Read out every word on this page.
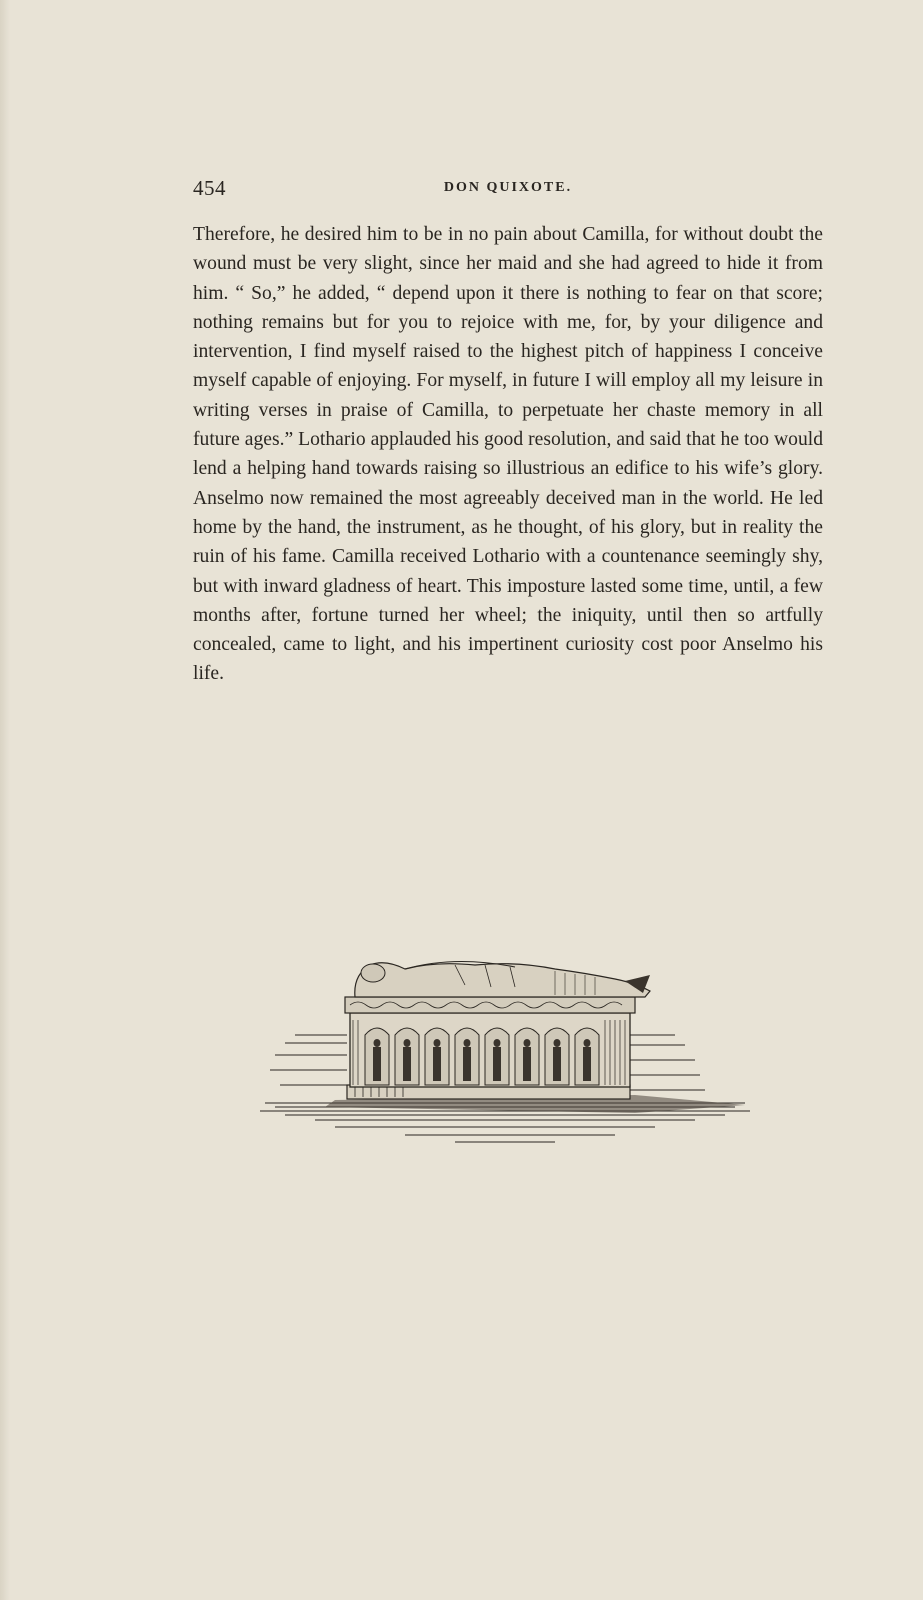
454	DON QUIXOTE.

Therefore, he desired him to be in no pain about Camilla, for without doubt the wound must be very slight, since her maid and she had agreed to hide it from him. “ So,” he added, “ depend upon it there is nothing to fear on that score; nothing remains but for you to rejoice with me, for, by your diligence and intervention, I find myself raised to the highest pitch of happiness I conceive myself capable of enjoying. For myself, in future I will employ all my leisure in writing verses in praise of Camilla, to perpetuate her chaste memory in all future ages.” Lothario applauded his good resolution, and said that he too would lend a helping hand towards raising so illustrious an edifice to his wife’s glory. Anselmo now remained the most agreeably deceived man in the world. He led home by the hand, the instrument, as he thought, of his glory, but in reality the ruin of his fame. Camilla received Lothario with a countenance seemingly shy, but with inward gladness of heart. This imposture lasted some time, until, a few months after, fortune turned her wheel; the iniquity, until then so artfully concealed, came to light, and his impertinent curiosity cost poor Anselmo his life.
